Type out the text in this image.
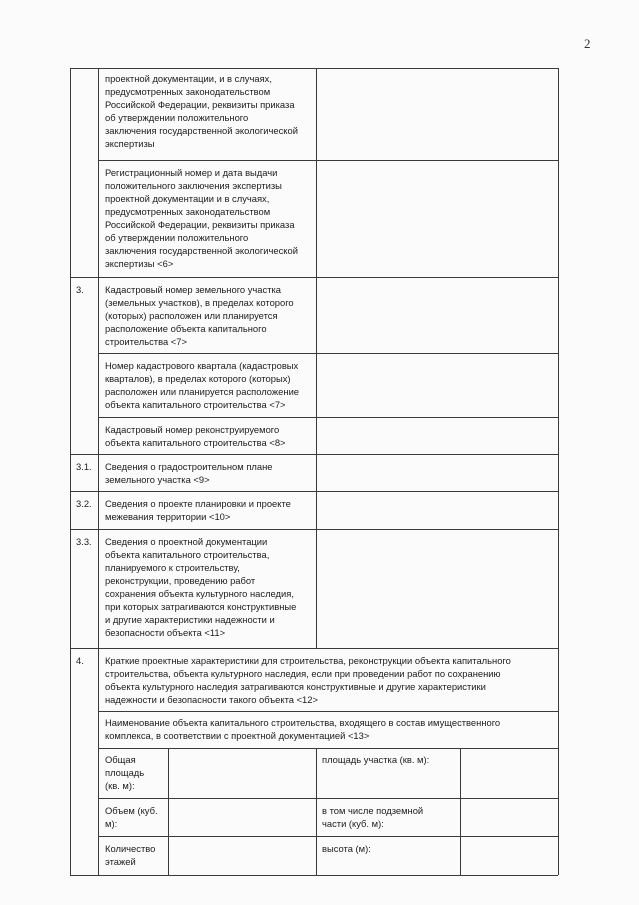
2
проектной документации, и в случаях,
предусмотренных законодательством
Российской Федерации, реквизиты приказа
об утверждении положительного
заключения государственной экологической
экспертизы
Регистрационный номер и дата выдачи
положительного заключения экспертизы
проектной документации и в случаях,
предусмотренных законодательством
Российской Федерации, реквизиты приказа
об утверждении положительного
заключения государственной экологической
экспертизы <6>
3. Кадастровый номер земельного участка
(земельных участков), в пределах которого
(которых) расположен или планируется
расположение объекта капитального
строительства <7>
Номер кадастрового квартала (кадастровых
кварталов), в пределах которого (которых)
расположен или планируется расположение
объекта капитального строительства <7>
Кадастровый номер реконструируемого
объекта капитального строительства <8>
3.1. Сведения о градостроительном плане
земельного участка <9>
3.2. Сведения о проекте планировки и проекте
межевания территории <10>
3.3. Сведения о проектной документации
объекта капитального строительства,
планируемого к строительству,
реконструкции, проведению работ
сохранения объекта культурного наследия,
при которых затрагиваются конструктивные
и другие характеристики надежности и
безопасности объекта <11>
4. Краткие проектные характеристики для строительства, реконструкции объекта капитального
строительства, объекта культурного наследия, если при проведении работ по сохранению
объекта культурного наследия затрагиваются конструктивные и другие характеристики
надежности и безопасности такого объекта <12>
Наименование объекта капитального строительства, входящего в состав имущественного
комплекса, в соответствии с проектной документацией <13>
Общая
площадь
(кв. м):
площадь участка (кв. м):
Объем (куб.
м):
в том числе подземной
части (куб. м):
Количество
этажей
высота (м):
